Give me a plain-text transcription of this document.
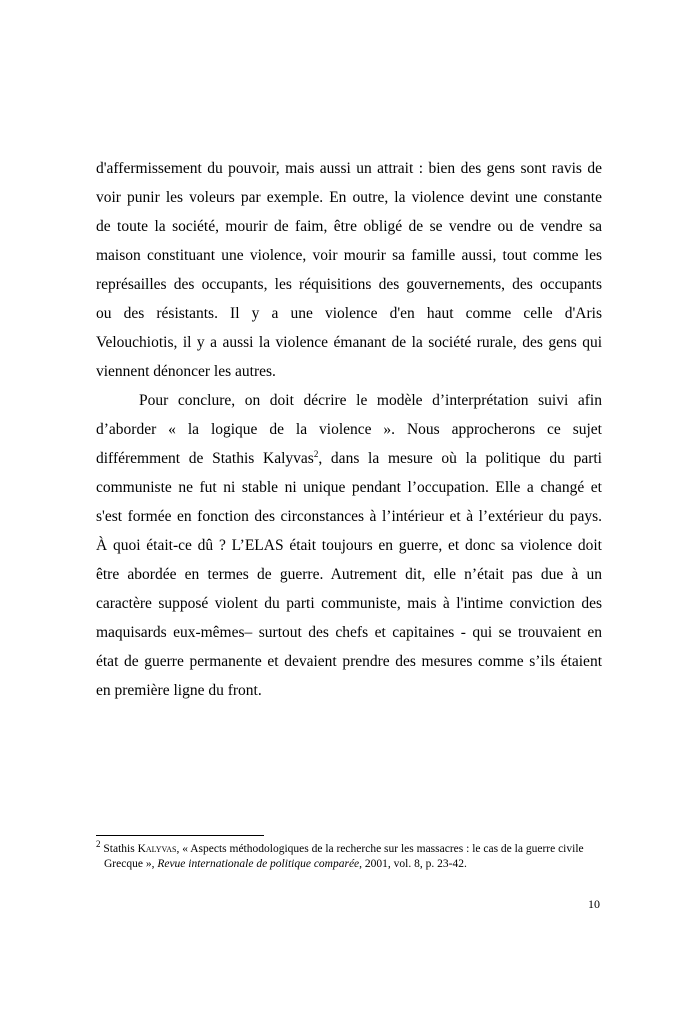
d'affermissement du pouvoir, mais aussi un attrait : bien des gens sont ravis de
voir punir les voleurs par exemple. En outre, la violence devint une constante
de toute la société, mourir de faim, être obligé de se vendre ou de vendre sa
maison constituant une violence, voir mourir sa famille aussi, tout comme les
représailles des occupants, les réquisitions des gouvernements, des occupants
ou des résistants. Il y a une violence d'en haut comme celle d'Aris
Velouchiotis, il y a aussi la violence émanant de la société rurale, des gens qui
viennent dénoncer les autres.
Pour conclure, on doit décrire le modèle d’interprétation suivi afin
d’aborder « la logique de la violence ». Nous approcherons ce sujet
différemment de Stathis Kalyvas$^2$, dans la mesure où la politique du parti
communiste ne fut ni stable ni unique pendant l’occupation. Elle a changé et
s'est formée en fonction des circonstances à l’intérieur et à l’extérieur du pays.
À quoi était-ce dû ? L’ELAS était toujours en guerre, et donc sa violence doit
être abordée en termes de guerre. Autrement dit, elle n’était pas due à un
caractère supposé violent du parti communiste, mais à l'intime conviction des
maquisards eux-mêmes– surtout des chefs et capitaines - qui se trouvaient en
état de guerre permanente et devaient prendre des mesures comme s’ils étaient
en première ligne du front.
$^2$ Stathis Kalyvas, « Aspects méthodologiques de la recherche sur les massacres : le cas de la guerre civile
Grecque », Revue internationale de politique comparée, 2001, vol. 8, p. 23-42.
10
